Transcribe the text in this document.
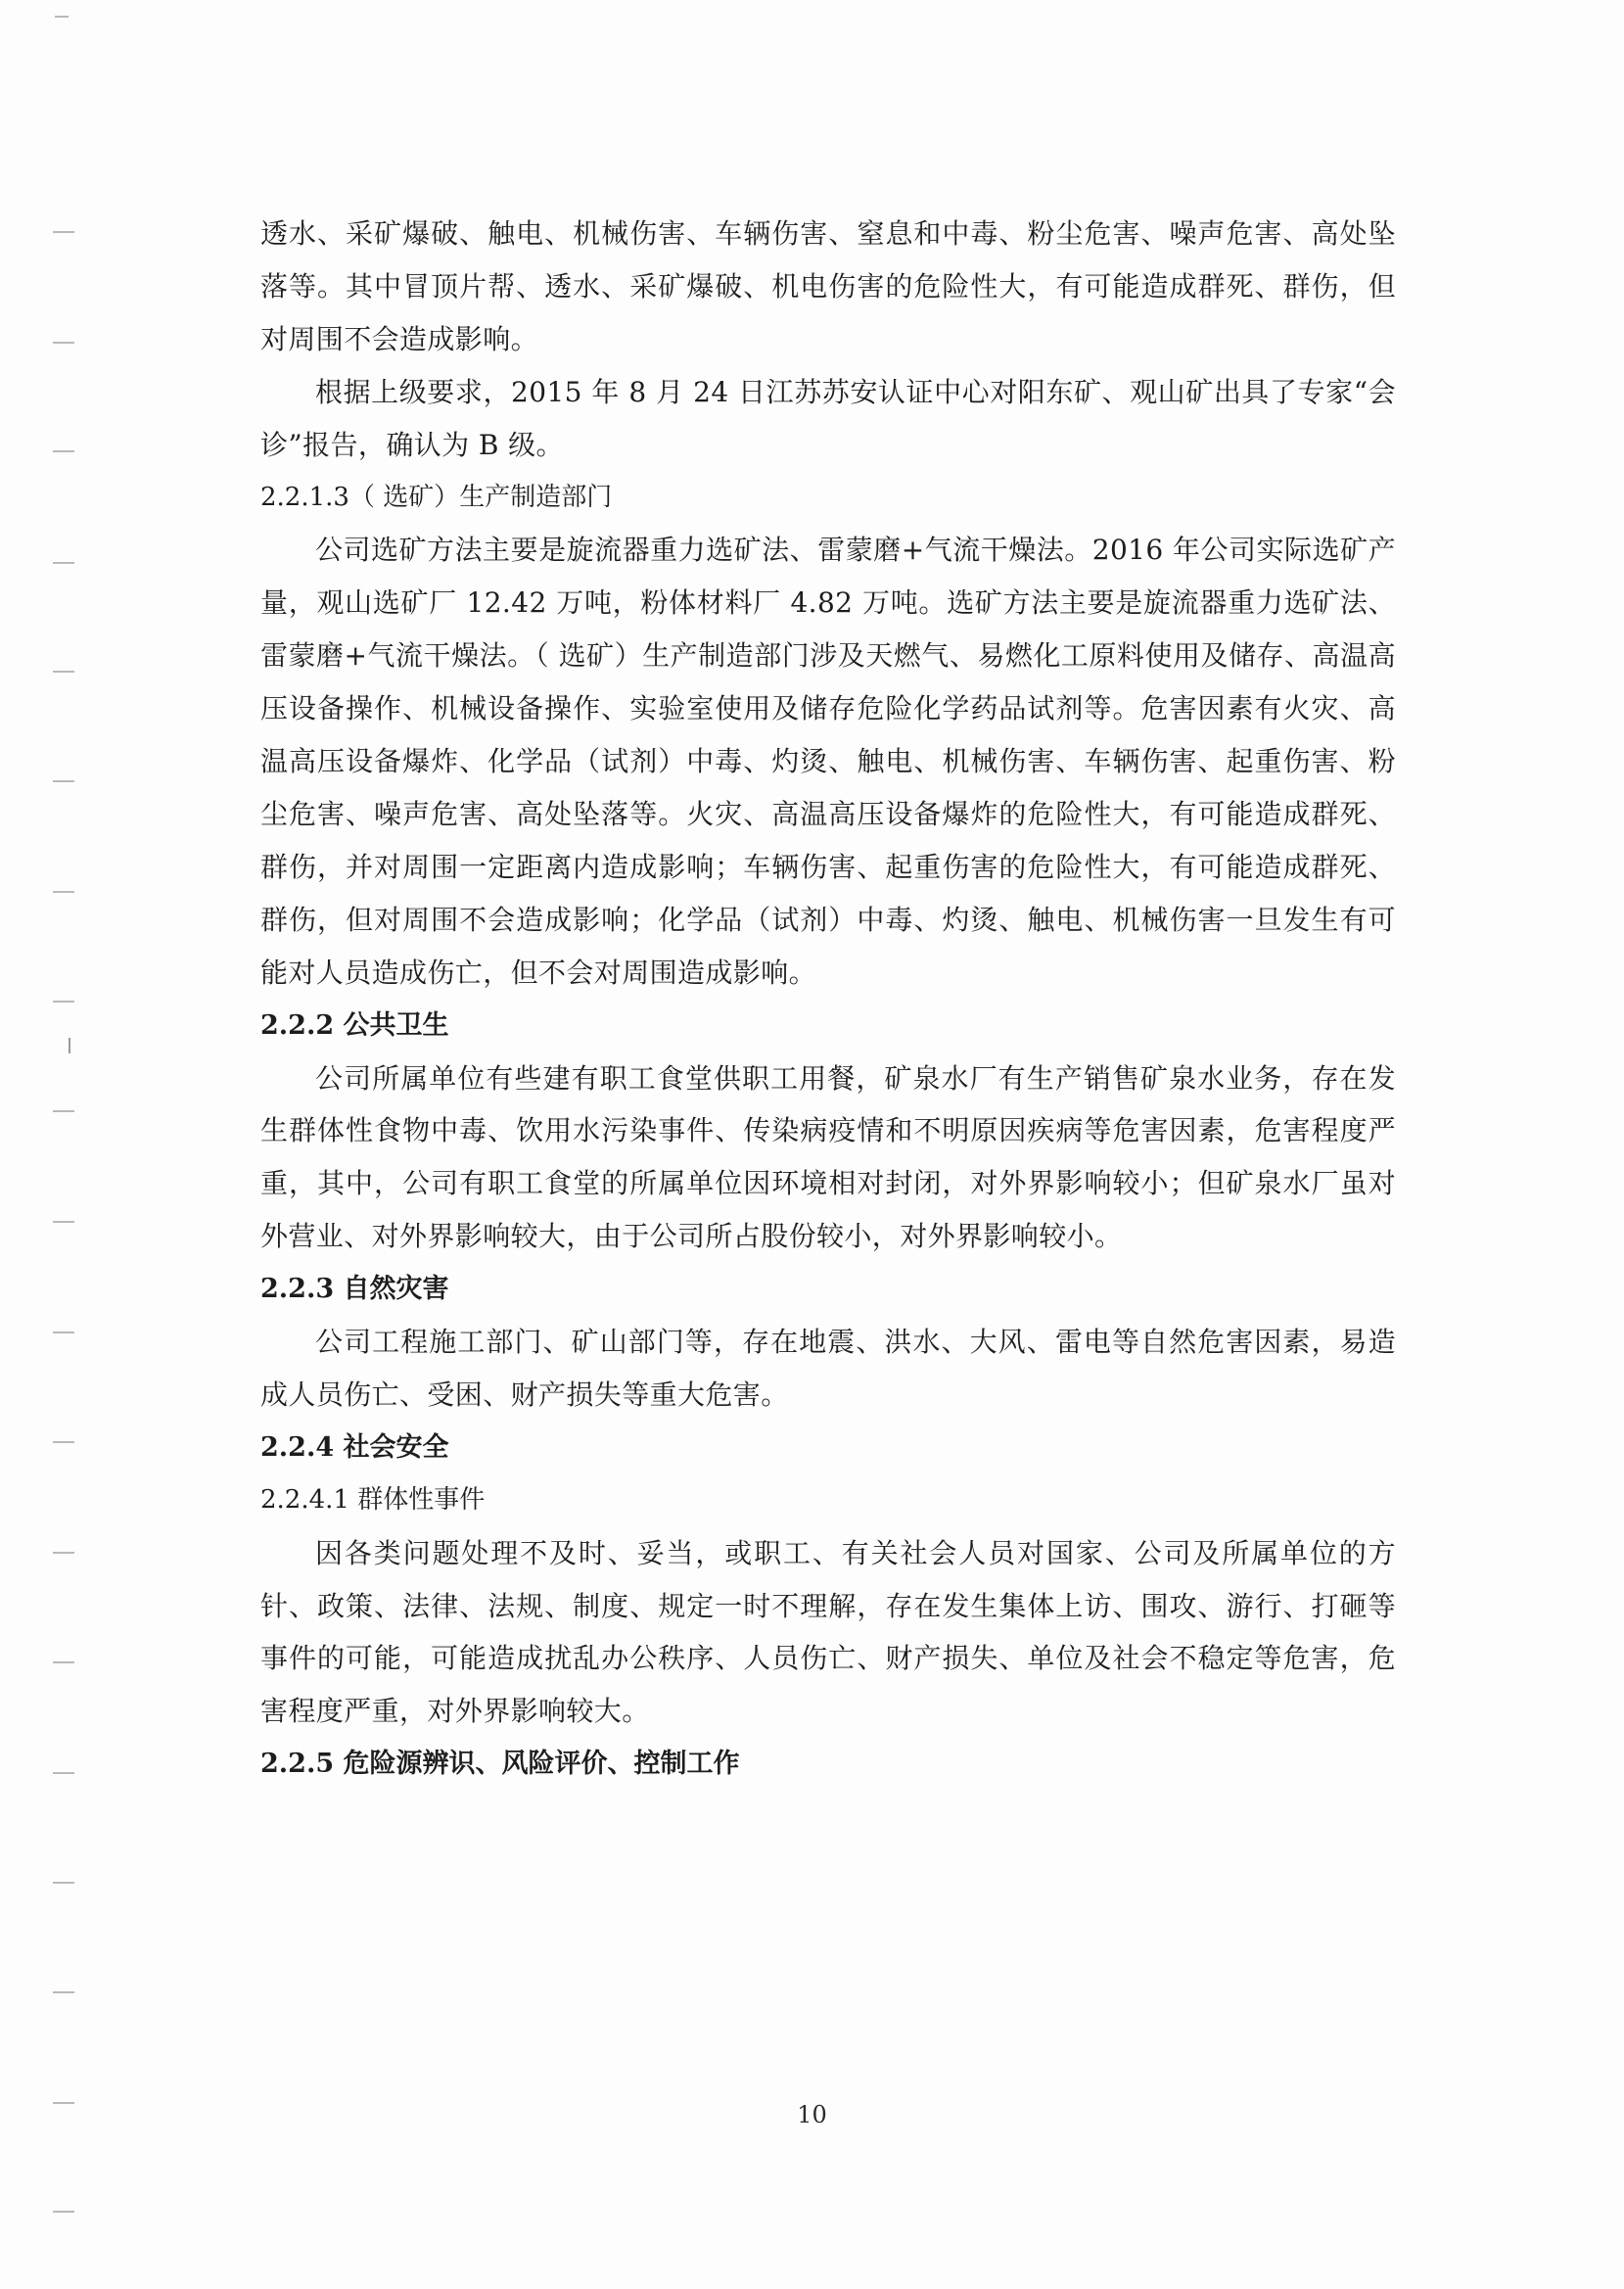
透水、采矿爆破、触电、机械伤害、车辆伤害、窒息和中毒、粉尘危害、噪声危害、高处坠落等。其中冒顶片帮、透水、采矿爆破、机电伤害的危险性大，有可能造成群死、群伤，但对周围不会造成影响。

根据上级要求，2015 年 8 月 24 日江苏苏安认证中心对阳东矿、观山矿出具了专家“会诊”报告，确认为 B 级。

2.2.1.3（ 选矿）生产制造部门

公司选矿方法主要是旋流器重力选矿法、雷蒙磨+气流干燥法。2016 年公司实际选矿产量，观山选矿厂 12.42 万吨，粉体材料厂 4.82 万吨。选矿方法主要是旋流器重力选矿法、雷蒙磨+气流干燥法。（ 选矿）生产制造部门涉及天燃气、易燃化工原料使用及储存、高温高压设备操作、机械设备操作、实验室使用及储存危险化学药品试剂等。危害因素有火灾、高温高压设备爆炸、化学品（试剂）中毒、灼烫、触电、机械伤害、车辆伤害、起重伤害、粉尘危害、噪声危害、高处坠落等。火灾、高温高压设备爆炸的危险性大，有可能造成群死、群伤，并对周围一定距离内造成影响；车辆伤害、起重伤害的危险性大，有可能造成群死、群伤，但对周围不会造成影响；化学品（试剂）中毒、灼烫、触电、机械伤害一旦发生有可能对人员造成伤亡，但不会对周围造成影响。

2.2.2 公共卫生

公司所属单位有些建有职工食堂供职工用餐，矿泉水厂有生产销售矿泉水业务，存在发生群体性食物中毒、饮用水污染事件、传染病疫情和不明原因疾病等危害因素，危害程度严重，其中，公司有职工食堂的所属单位因环境相对封闭，对外界影响较小；但矿泉水厂虽对外营业、对外界影响较大，由于公司所占股份较小，对外界影响较小。

2.2.3 自然灾害

公司工程施工部门、矿山部门等，存在地震、洪水、大风、雷电等自然危害因素，易造成人员伤亡、受困、财产损失等重大危害。

2.2.4 社会安全

2.2.4.1 群体性事件

因各类问题处理不及时、妥当，或职工、有关社会人员对国家、公司及所属单位的方针、政策、法律、法规、制度、规定一时不理解，存在发生集体上访、围攻、游行、打砸等事件的可能，可能造成扰乱办公秩序、人员伤亡、财产损失、单位及社会不稳定等危害，危害程度严重，对外界影响较大。

2.2.5 危险源辨识、风险评价、控制工作

10
